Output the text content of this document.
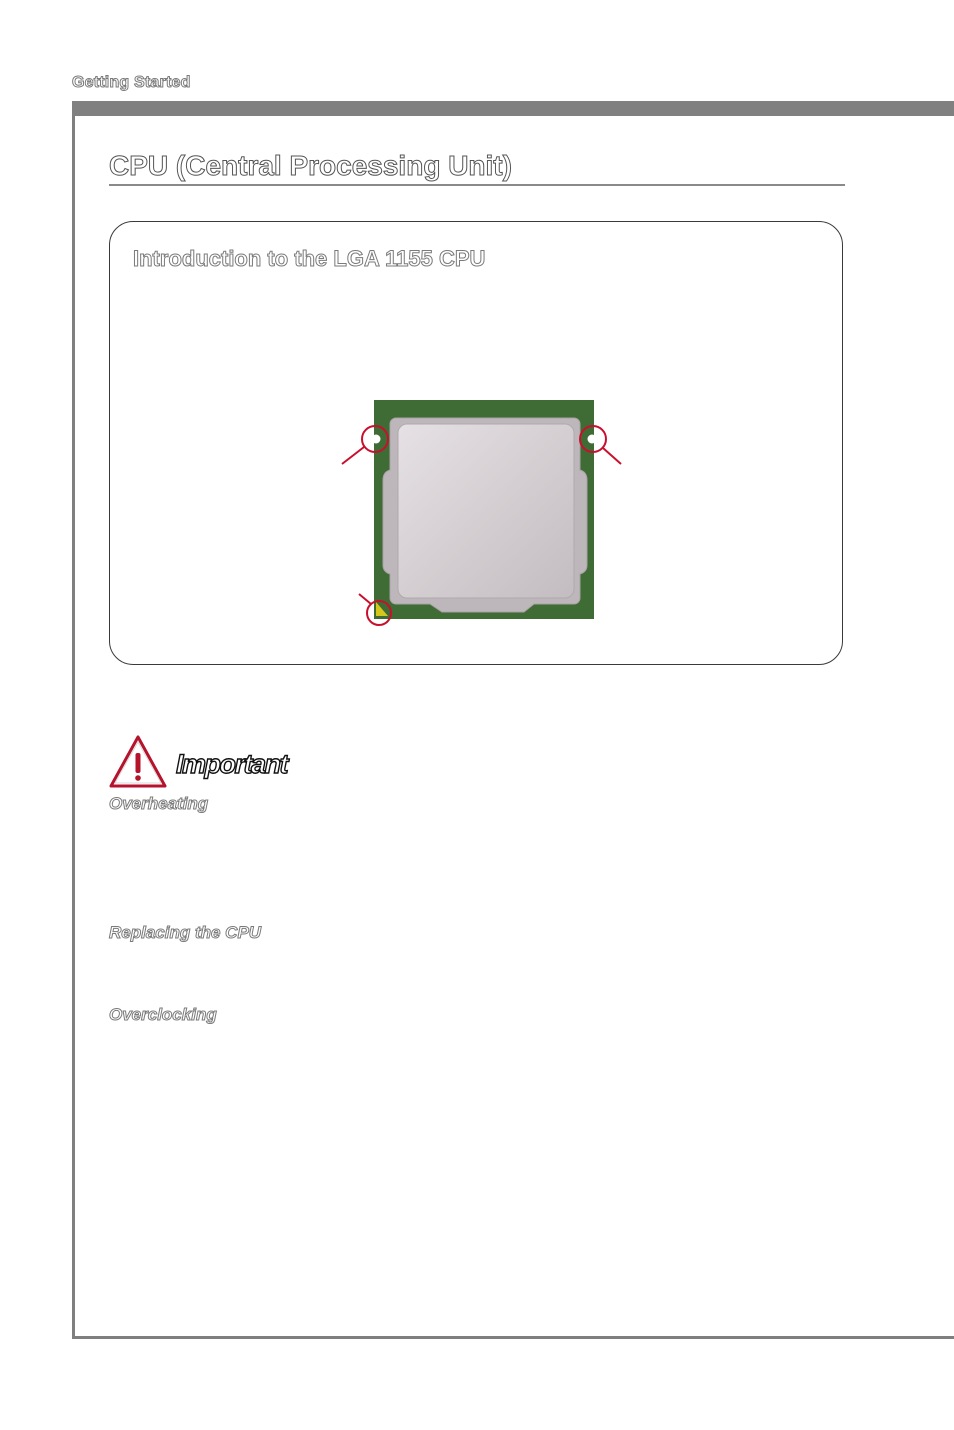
Getting Started
CPU (Central Processing Unit)
Introduction to the LGA 1155 CPU
Important
Overheating
Replacing the CPU
Overclocking
